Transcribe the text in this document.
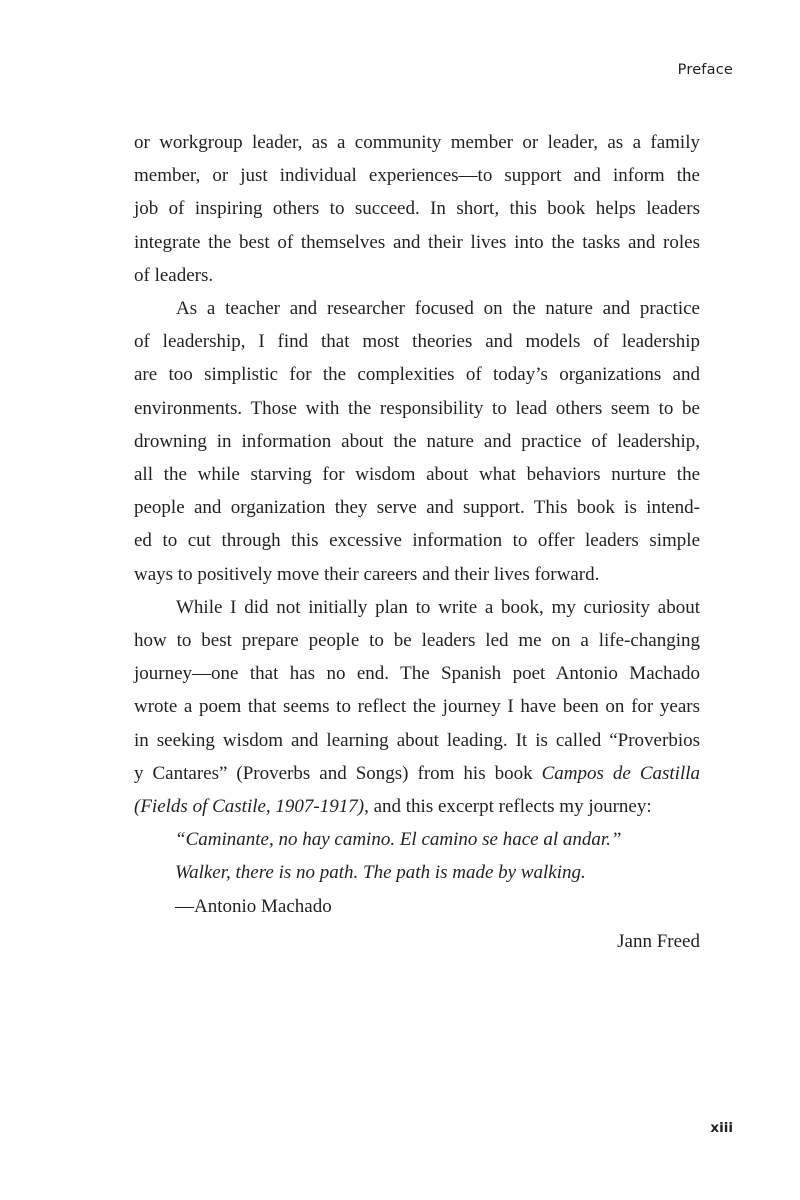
Preface
or workgroup leader, as a community member or leader, as a family
member, or just individual experiences—to support and inform the
job of inspiring others to succeed. In short, this book helps leaders
integrate the best of themselves and their lives into the tasks and roles
of leaders.
As a teacher and researcher focused on the nature and practice
of leadership, I find that most theories and models of leadership
are too simplistic for the complexities of today’s organizations and
environments. Those with the responsibility to lead others seem to be
drowning in information about the nature and practice of leadership,
all the while starving for wisdom about what behaviors nurture the
people and organization they serve and support. This book is intend-
ed to cut through this excessive information to offer leaders simple
ways to positively move their careers and their lives forward.
While I did not initially plan to write a book, my curiosity about
how to best prepare people to be leaders led me on a life-changing
journey—one that has no end. The Spanish poet Antonio Machado
wrote a poem that seems to reflect the journey I have been on for years
in seeking wisdom and learning about leading. It is called “Proverbios
y Cantares” (Proverbs and Songs) from his book Campos de Castilla
(Fields of Castile, 1907-1917), and this excerpt reflects my journey:
“Caminante, no hay camino. El camino se hace al andar.”
Walker, there is no path. The path is made by walking.
—Antonio Machado
Jann Freed
xiii
